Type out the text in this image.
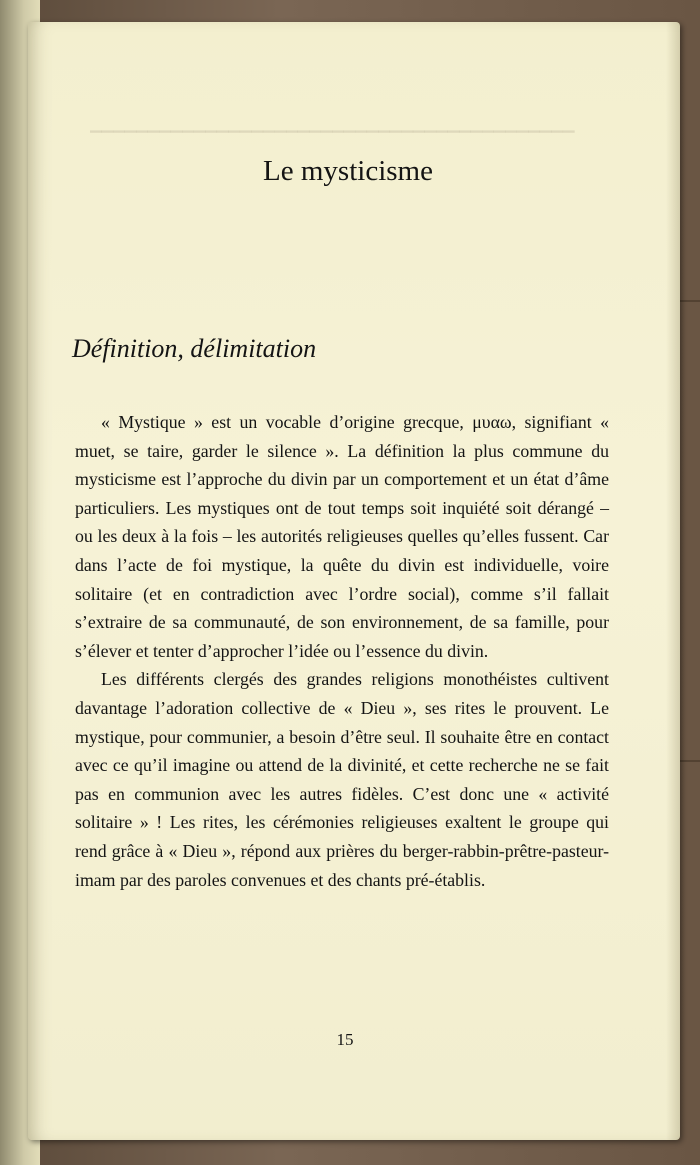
▁▁▁▁▁▁▁▁▁▁▁▁▁▁▁▁▁▁▁▁▁▁▁▁▁▁▁▁▁▁▁▁▁▁▁▁▁▁▁▁▁▁
Le mysticisme
Définition, délimitation

« Mystique » est un vocable d’origine grecque, μυαω, signifiant « muet, se taire, garder le silence ». La définition la plus commune du mysticisme est l’approche du divin par un comportement et un état d’âme particuliers. Les mystiques ont de tout temps soit inquiété soit dérangé – ou les deux à la fois – les autorités religieuses quelles qu’elles fussent. Car dans l’acte de foi mystique, la quête du divin est individuelle, voire solitaire (et en contradiction avec l’ordre social), comme s’il fallait s’extraire de sa communauté, de son environnement, de sa famille, pour s’élever et tenter d’approcher l’idée ou l’essence du divin.

Les différents clergés des grandes religions monothéistes cultivent davantage l’adoration collective de « Dieu », ses rites le prouvent. Le mystique, pour communier, a besoin d’être seul. Il souhaite être en contact avec ce qu’il imagine ou attend de la divinité, et cette recherche ne se fait pas en communion avec les autres fidèles. C’est donc une « activité solitaire » ! Les rites, les cérémonies religieuses exaltent le groupe qui rend grâce à « Dieu », répond aux prières du berger-rabbin-prêtre-pasteur-imam par des paroles convenues et des chants pré-établis.

15
